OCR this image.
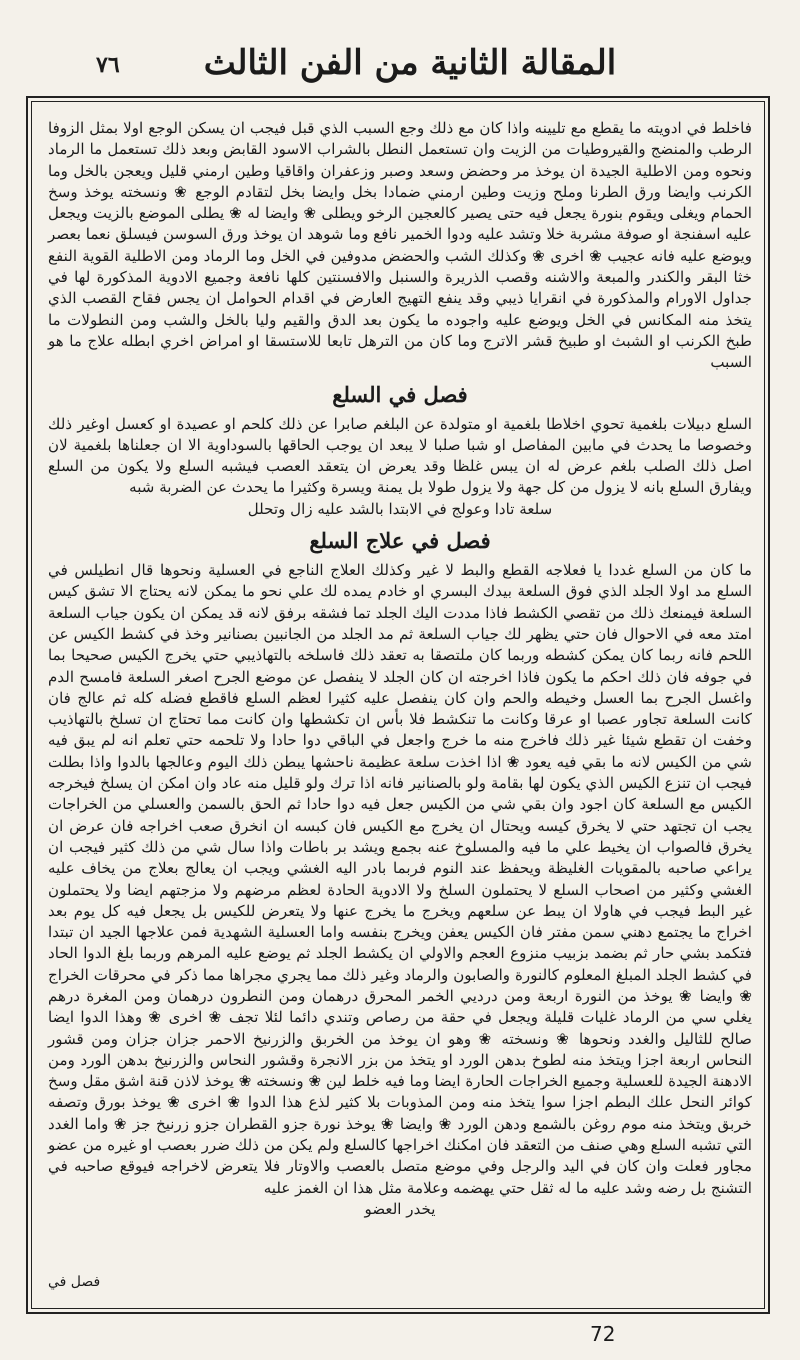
٧٦	المقالة الثانية من الفن الثالث

فاخلط في ادويته ما يقطع مع تليينه واذا كان مع ذلك وجع السبب الذي قبل فيجب ان يسكن الوجع اولا بمثل الزوفا الرطب والمنضج والقيروطيات من الزيت وان تستعمل النطل بالشراب الاسود القابض وبعد ذلك تستعمل ما الرماد ونحوه ومن الاطلية الجيدة ان يوخذ مر وحضض وسعد وصبر وزعفران واقاقيا وطين ارمني قليل ويعجن بالخل وما الكرنب وايضا ورق الطرنا وملح وزيت وطين ارمني ضمادا بخل وايضا بخل لتقادم الوجع ❀ ونسخته يوخذ وسخ الحمام ويغلى ويقوم بنورة يجعل فيه حتى يصير كالعجين الرخو ويطلى ❀ وايضا له ❀ يطلى الموضع بالزيت ويجعل عليه اسفنجة او صوفة مشربة خلا وتشد عليه ودوا الخمير نافع وما شوهد ان يوخذ ورق السوسن فيسلق نعما بعصر ويوضع عليه فانه عجيب ❀ اخرى ❀ وكذلك الشب والحضض مدوفين في الخل وما الرماد ومن الاطلية القوية النفع خثا البقر والكندر والمبعة والاشنه وقصب الذريرة والسنبل والافسنتين كلها نافعة وجميع الادوية المذكورة لها في جداول الاورام والمذكورة في انقرايا ذيبي وقد ينفع التهيج العارض في اقدام الحوامل ان يجس فقاح القصب الذي يتخذ منه المكانس في الخل ويوضع عليه واجوده ما يكون بعد الدق والقيم وليا بالخل والشب ومن النطولات ما طبخ الكرنب او الشبث او طبيخ قشر الاترج وما كان من الترهل تابعا للاستسقا او امراض اخري ابطله علاج ما هو السبب

فصل في السلع

السلع دبيلات بلغمية تحوي اخلاطا بلغمية او متولدة عن البلغم صابرا عن ذلك كلحم او عصيدة او كعسل اوغير ذلك وخصوصا ما يحدث في مابين المفاصل او شبا صلبا لا يبعد ان يوجب الحاقها بالسوداوية الا ان جعلناها بلغمية لان اصل ذلك الصلب بلغم عرض له ان يبس غلظا وقد يعرض ان يتعقد العصب فيشبه السلع ولا يكون من السلع ويفارق السلع بانه لا يزول من كل جهة ولا يزول طولا بل يمنة ويسرة وكثيرا ما يحدث عن الضربة شبه

سلعة تادا وعولج في الابتدا بالشد عليه زال وتحلل

فصل في علاج السلع

ما كان من السلع غددا يا فعلاجه القطع والبط لا غير وكذلك العلاج الناجع في العسلية ونحوها قال انطيلس في السلع مد اولا الجلد الذي فوق السلعة بيدك البسري او خادم يمده لك علي نحو ما يمكن لانه يحتاج الا تشق كيس السلعة فيمنعك ذلك من تقصي الكشط فاذا مددت اليك الجلد تما فشقه برفق لانه قد يمكن ان يكون جياب السلعة امتد معه في الاحوال فان حتي يظهر لك جياب السلعة ثم مد الجلد من الجانبين بصنانير وخذ في كشط الكيس عن اللحم فانه ربما كان يمكن كشطه وربما كان ملتصقا به تعقد ذلك فاسلخه بالتهاذيبي حتي يخرج الكيس صحيحا بما في جوفه فان ذلك احكم ما يكون فاذا اخرجته ان كان الجلد لا ينفصل عن موضع الجرح اصغر السلعة فامسح الدم واغسل الجرح بما العسل وخيطه والحم وان كان ينفصل عليه كثيرا لعظم السلع فاقطع فضله كله ثم عالج فان كانت السلعة تجاور عصبا او عرقا وكانت ما تنكشط فلا بأس ان تكشطها وان كانت مما تحتاج ان تسلخ بالتهاذيب وخفت ان تقطع شيئا غير ذلك فاخرج منه ما خرج واجعل في الباقي دوا حادا ولا تلحمه حتي تعلم انه لم يبق فيه شي من الكيس لانه ما بقي فيه يعود ❀ اذا اخذت سلعة عظيمة ناحشها يبطن ذلك اليوم وعالجها بالدوا واذا بطلت فيجب ان تنزع الكيس الذي يكون لها بقامة ولو بالصنانير فانه اذا ترك ولو قليل منه عاد وان امكن ان يسلخ فيخرجه الكيس مع السلعة كان اجود وان بقي شي من الكيس جعل فيه دوا حادا ثم الحق بالسمن والعسلي من الخراجات يجب ان تجتهد حتي لا يخرق كيسه ويحتال ان يخرج مع الكيس فان كبسه ان انخرق صعب اخراجه فان عرض ان يخرق فالصواب ان يخيط علي ما فيه والمسلوخ عنه بجمع ويشد بر باطات واذا سال شي من ذلك كثير فيجب ان يراعي صاحبه بالمقويات الغليظة ويحفظ عند النوم فربما بادر اليه الغشي ويجب ان يعالج بعلاج من يخاف عليه الغشي وكثير من اصحاب السلع لا يحتملون السلخ ولا الادوية الحادة لعظم مرضهم ولا مزجتهم ايضا ولا يحتملون غير البط فيجب في هاولا ان يبط عن سلعهم ويخرج ما يخرج عنها ولا يتعرض للكيس بل يجعل فيه كل يوم بعد اخراج ما يجتمع دهني سمن مفتر فان الكيس يعفن ويخرج بنفسه واما العسلية الشهدية فمن علاجها الجيد ان تبتدا فتكمد بشي حار ثم بضمد بزبيب منزوع العجم والاولي ان يكشط الجلد ثم يوضع عليه المرهم وربما بلغ الدوا الحاد في كشط الجلد المبلغ المعلوم كالنورة والصابون والرماد وغير ذلك مما يجري مجراها مما ذكر في محرقات الخراج ❀ وايضا ❀ يوخذ من النورة اربعة ومن درديي الخمر المحرق درهمان ومن النطرون درهمان ومن المغرة درهم يغلي سي من الرماد غليات قليلة ويجعل في حقة من رصاص وتندي دائما لئلا تجف ❀ اخرى ❀ وهذا الدوا ايضا صالح للثاليل والغدد ونحوها ❀ ونسخته ❀ وهو ان يوخذ من الخربق والزرنيخ الاحمر جزان جزان ومن قشور النحاس اربعة اجزا ويتخذ منه لطوخ بدهن الورد او يتخذ من بزر الانجرة وقشور النحاس والزرنيخ بدهن الورد ومن الادهنة الجيدة للعسلية وجميع الخراجات الحارة ايضا وما فيه خلط لين ❀ ونسخته ❀ يوخذ لاذن قنة اشق مقل وسخ كوائر النحل علك البطم اجزا سوا يتخذ منه ومن المذوبات بلا كثير لذع هذا الدوا ❀ اخرى ❀ يوخذ بورق وتصفه خربق ويتخذ منه موم روغن بالشمع ودهن الورد ❀ وايضا ❀ يوخذ نورة جزو القطران جزو زرنيخ جز ❀ واما الغدد التي تشبه السلع وهي صنف من التعقد فان امكنك اخراجها كالسلع ولم يكن من ذلك ضرر بعصب او غيره من عضو مجاور فعلت وان كان في اليد والرجل وفي موضع متصل بالعصب والاوتار فلا يتعرض لاخراجه فيوقع صاحبه في التشنج بل رضه وشد عليه ما له ثقل حتي يهضمه وعلامة مثل هذا ان الغمز عليه

يخدر العضو

فصل في
72
